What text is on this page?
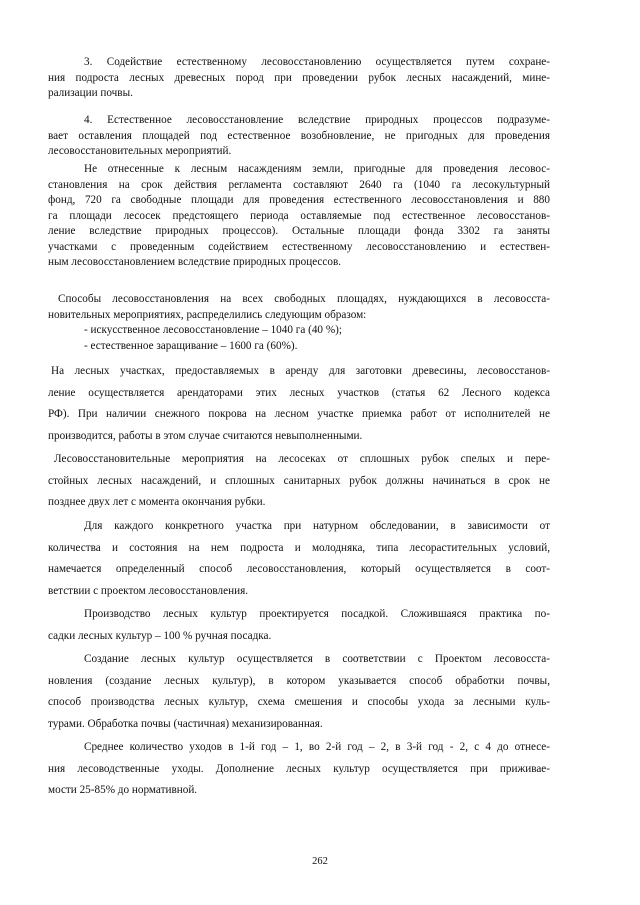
3. Содействие естественному лесовосстановлению осуществляется путем сохране-
ния подроста лесных древесных пород при проведении рубок лесных насаждений, мине-
рализации почвы.
4. Естественное лесовосстановление вследствие природных процессов подразуме-
вает оставления площадей под естественное возобновление, не пригодных для проведения
лесовосстановительных мероприятий.
Не отнесенные к лесным насаждениям земли, пригодные для проведения лесовос-
становления на срок действия регламента составляют 2640 га (1040 га лесокультурный
фонд, 720 га свободные площади для проведения естественного лесовосстановления и 880
га площади лесосек предстоящего периода оставляемые под естественное лесовосстанов-
ление вследствие природных процессов). Остальные площади фонда 3302 га заняты
участками с проведенным содействием естественному лесовосстановлению и естествен-
ным лесовосстановлением вследствие природных процессов.
Способы лесовосстановления на всех свободных площадях, нуждающихся в лесовосста-
новительных мероприятиях, распределились следующим образом:
- искусственное лесовосстановление – 1040 га (40 %);
- естественное заращивание – 1600 га (60%).
На лесных участках, предоставляемых в аренду для заготовки древесины, лесовосстанов-
ление осуществляется арендаторами этих лесных участков (статья 62 Лесного кодекса
РФ). При наличии снежного покрова на лесном участке приемка работ от исполнителей не
производится, работы в этом случае считаются невыполненными.
Лесовосстановительные мероприятия на лесосеках от сплошных рубок спелых и пере-
стойных лесных насаждений, и сплошных санитарных рубок должны начинаться в срок не
позднее двух лет с момента окончания рубки.
Для каждого конкретного участка при натурном обследовании, в зависимости от
количества и состояния на нем подроста и молодняка, типа лесорастительных условий,
намечается определенный способ лесовосстановления, который осуществляется в соот-
ветствии с проектом лесовосстановления.
Производство лесных культур проектируется посадкой. Сложившаяся практика по-
садки лесных культур – 100 % ручная посадка.
Создание лесных культур осуществляется в соответствии с Проектом лесовосста-
новления (создание лесных культур), в котором указывается способ обработки почвы,
способ производства лесных культур, схема смешения и способы ухода за лесными куль-
турами. Обработка почвы (частичная) механизированная.
Среднее количество уходов в 1-й год – 1, во 2-й год – 2, в 3-й год - 2, с 4 до отнесе-
ния лесоводственные уходы. Дополнение лесных культур осуществляется при приживае-
мости 25-85% до нормативной.
262
